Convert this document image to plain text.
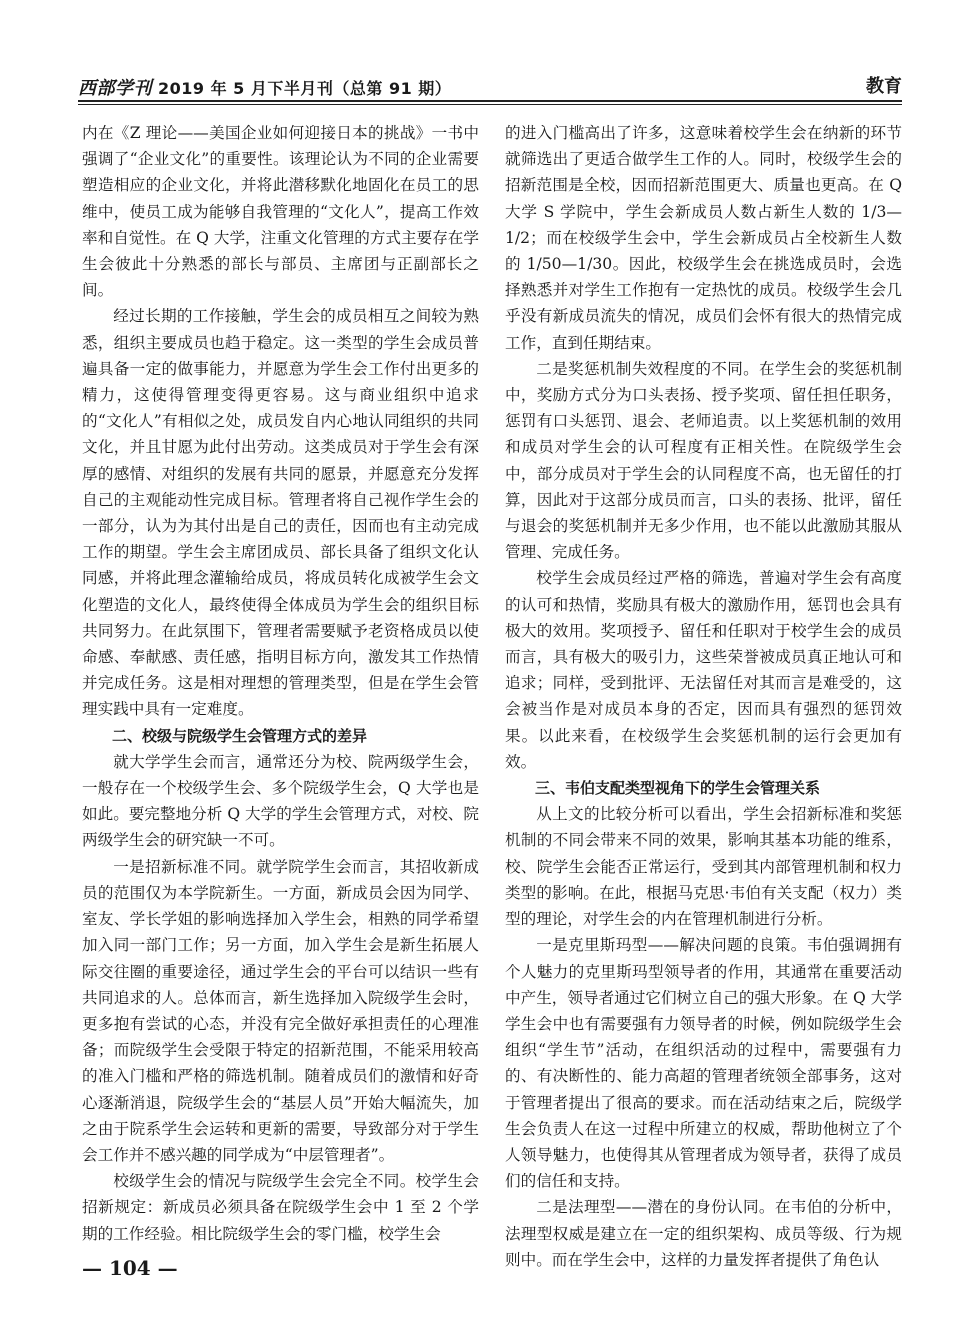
西部学刊 2019 年 5 月下半月刊（总第 91 期）	教育

内在《Z 理论——美国企业如何迎接日本的挑战》一书中强调了“企业文化”的重要性。该理论认为不同的企业需要塑造相应的企业文化，并将此潜移默化地固化在员工的思维中，使员工成为能够自我管理的“文化人”，提高工作效率和自觉性。在 Q 大学，注重文化管理的方式主要存在学生会彼此十分熟悉的部长与部员、主席团与正副部长之间。

经过长期的工作接触，学生会的成员相互之间较为熟悉，组织主要成员也趋于稳定。这一类型的学生会成员普遍具备一定的做事能力，并愿意为学生会工作付出更多的精力，这使得管理变得更容易。这与商业组织中追求的“文化人”有相似之处，成员发自内心地认同组织的共同文化，并且甘愿为此付出劳动。这类成员对于学生会有深厚的感情、对组织的发展有共同的愿景，并愿意充分发挥自己的主观能动性完成目标。管理者将自己视作学生会的一部分，认为为其付出是自己的责任，因而也有主动完成工作的期望。学生会主席团成员、部长具备了组织文化认同感，并将此理念灌输给成员，将成员转化成被学生会文化塑造的文化人，最终使得全体成员为学生会的组织目标共同努力。在此氛围下，管理者需要赋予老资格成员以使命感、奉献感、责任感，指明目标方向，激发其工作热情并完成任务。这是相对理想的管理类型，但是在学生会管理实践中具有一定难度。

二、校级与院级学生会管理方式的差异

就大学学生会而言，通常还分为校、院两级学生会，一般存在一个校级学生会、多个院级学生会，Q 大学也是如此。要完整地分析 Q 大学的学生会管理方式，对校、院两级学生会的研究缺一不可。

一是招新标准不同。就学院学生会而言，其招收新成员的范围仅为本学院新生。一方面，新成员会因为同学、室友、学长学姐的影响选择加入学生会，相熟的同学希望加入同一部门工作；另一方面，加入学生会是新生拓展人际交往圈的重要途径，通过学生会的平台可以结识一些有共同追求的人。总体而言，新生选择加入院级学生会时，更多抱有尝试的心态，并没有完全做好承担责任的心理准备；而院级学生会受限于特定的招新范围，不能采用较高的准入门槛和严格的筛选机制。随着成员们的激情和好奇心逐渐消退，院级学生会的“基层人员”开始大幅流失，加之由于院系学生会运转和更新的需要，导致部分对于学生会工作并不感兴趣的同学成为“中层管理者”。

校级学生会的情况与院级学生会完全不同。校学生会招新规定：新成员必须具备在院级学生会中 1 至 2 个学期的工作经验。相比院级学生会的零门槛，校学生会

的进入门槛高出了许多，这意味着校学生会在纳新的环节就筛选出了更适合做学生工作的人。同时，校级学生会的招新范围是全校，因而招新范围更大、质量也更高。在 Q 大学 S 学院中，学生会新成员人数占新生人数的 1/3—1/2；而在校级学生会中，学生会新成员占全校新生人数的 1/50—1/30。因此，校级学生会在挑选成员时，会选择熟悉并对学生工作抱有一定热忱的成员。校级学生会几乎没有新成员流失的情况，成员们会怀有很大的热情完成工作，直到任期结束。

二是奖惩机制失效程度的不同。在学生会的奖惩机制中，奖励方式分为口头表扬、授予奖项、留任担任职务，惩罚有口头惩罚、退会、老师追责。以上奖惩机制的效用和成员对学生会的认可程度有正相关性。在院级学生会中，部分成员对于学生会的认同程度不高，也无留任的打算，因此对于这部分成员而言，口头的表扬、批评，留任与退会的奖惩机制并无多少作用，也不能以此激励其服从管理、完成任务。

校学生会成员经过严格的筛选，普遍对学生会有高度的认可和热情，奖励具有极大的激励作用，惩罚也会具有极大的效用。奖项授予、留任和任职对于校学生会的成员而言，具有极大的吸引力，这些荣誉被成员真正地认可和追求；同样，受到批评、无法留任对其而言是难受的，这会被当作是对成员本身的否定，因而具有强烈的惩罚效果。以此来看，在校级学生会奖惩机制的运行会更加有效。

三、韦伯支配类型视角下的学生会管理关系

从上文的比较分析可以看出，学生会招新标准和奖惩机制的不同会带来不同的效果，影响其基本功能的维系，校、院学生会能否正常运行，受到其内部管理机制和权力类型的影响。在此，根据马克思·韦伯有关支配（权力）类型的理论，对学生会的内在管理机制进行分析。

一是克里斯玛型——解决问题的良策。韦伯强调拥有个人魅力的克里斯玛型领导者的作用，其通常在重要活动中产生，领导者通过它们树立自己的强大形象。在 Q 大学学生会中也有需要强有力领导者的时候，例如院级学生会组织“学生节”活动，在组织活动的过程中，需要强有力的、有决断性的、能力高超的管理者统领全部事务，这对于管理者提出了很高的要求。而在活动结束之后，院级学生会负责人在这一过程中所建立的权威，帮助他树立了个人领导魅力，也使得其从管理者成为领导者，获得了成员们的信任和支持。

二是法理型——潜在的身份认同。在韦伯的分析中，法理型权威是建立在一定的组织架构、成员等级、行为规则中。而在学生会中，这样的力量发挥者提供了角色认

— 104 —
